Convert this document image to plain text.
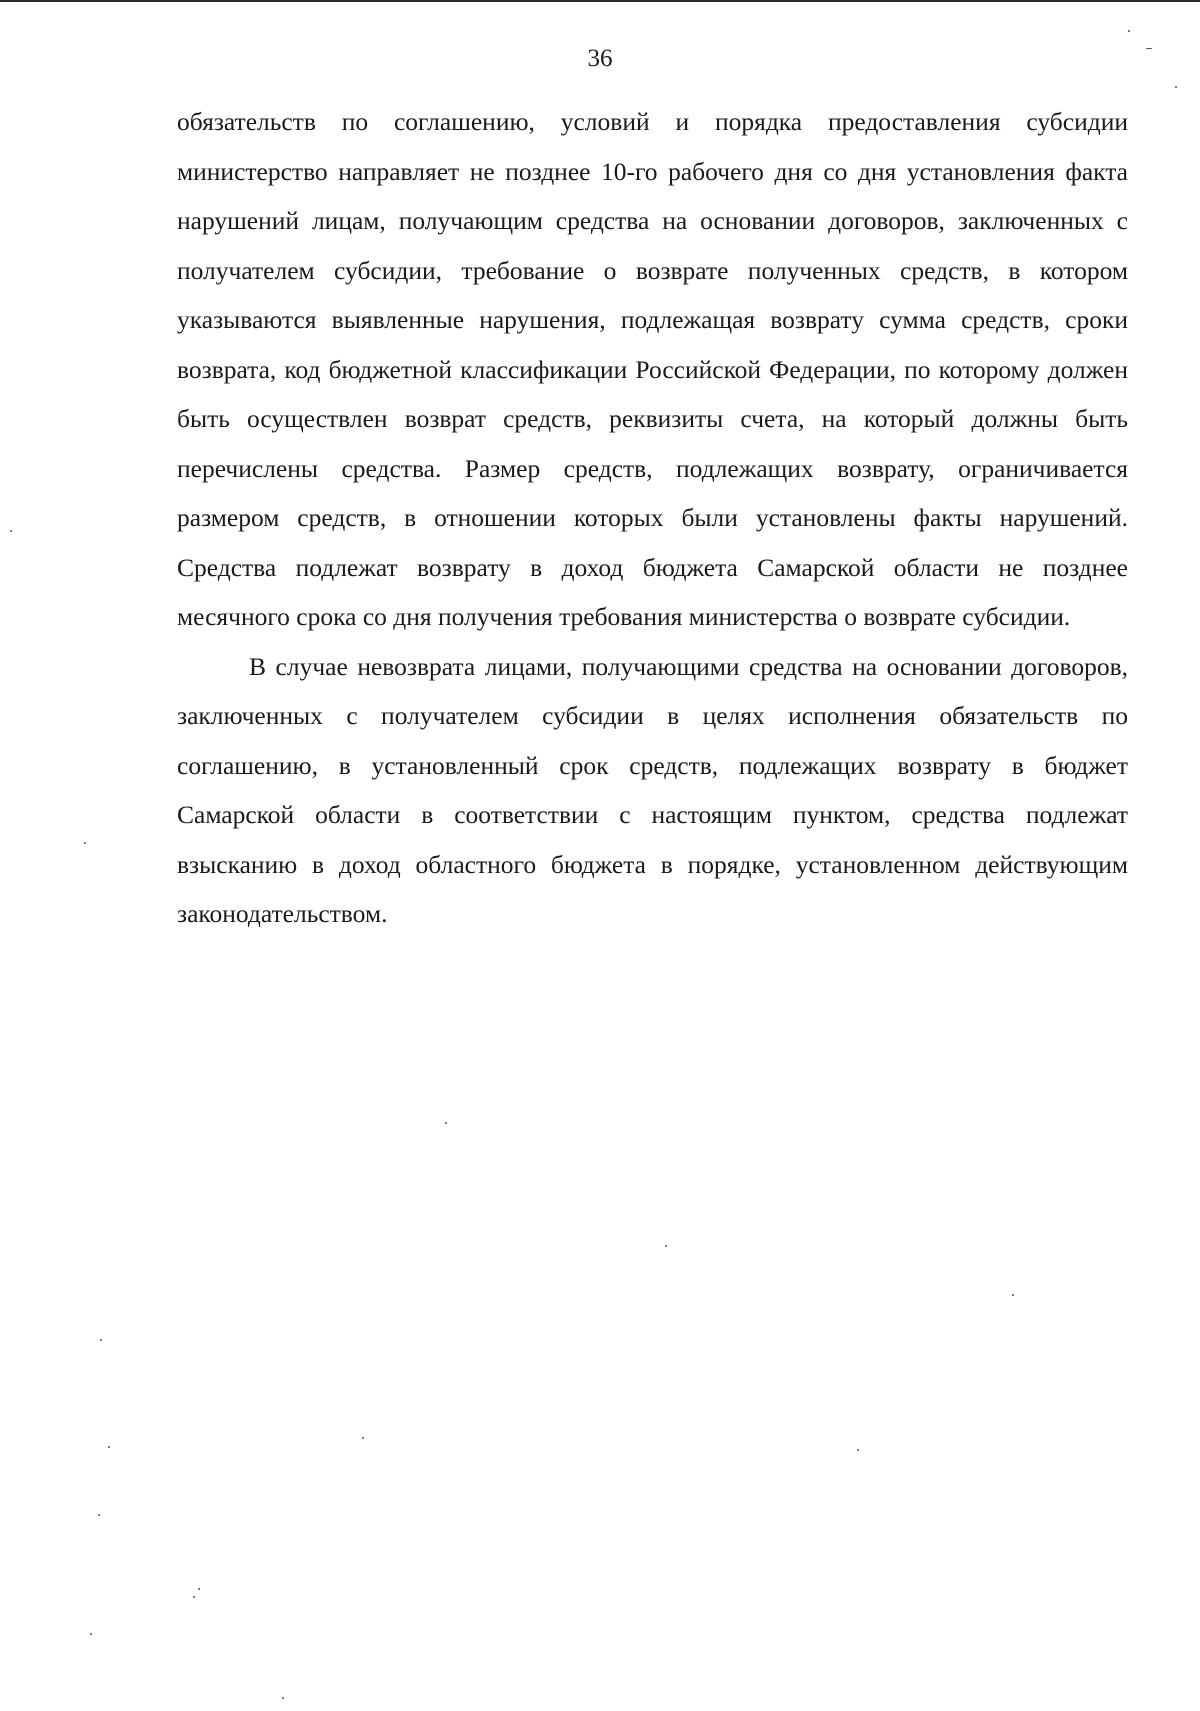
36

обязательств по соглашению, условий и порядка предоставления субсидии министерство направляет не позднее 10-го рабочего дня со дня установления факта нарушений лицам, получающим средства на основании договоров, заключенных с получателем субсидии, требование о возврате полученных средств, в котором указываются выявленные нарушения, подлежащая возврату сумма средств, сроки возврата, код бюджетной классификации Российской Федерации, по которому должен быть осуществлен возврат средств, реквизиты счета, на который должны быть перечислены средства. Размер средств, подлежащих возврату, ограничивается размером средств, в отношении которых были установлены факты нарушений. Средства подлежат возврату в доход бюджета Самарской области не позднее месячного срока со дня получения требования министерства о возврате субсидии.

В случае невозврата лицами, получающими средства на основании договоров, заключенных с получателем субсидии в целях исполнения обязательств по соглашению, в установленный срок средств, подлежащих возврату в бюджет Самарской области в соответствии с настоящим пунктом, средства подлежат взысканию в доход областного бюджета в порядке, установленном действующим законодательством.
